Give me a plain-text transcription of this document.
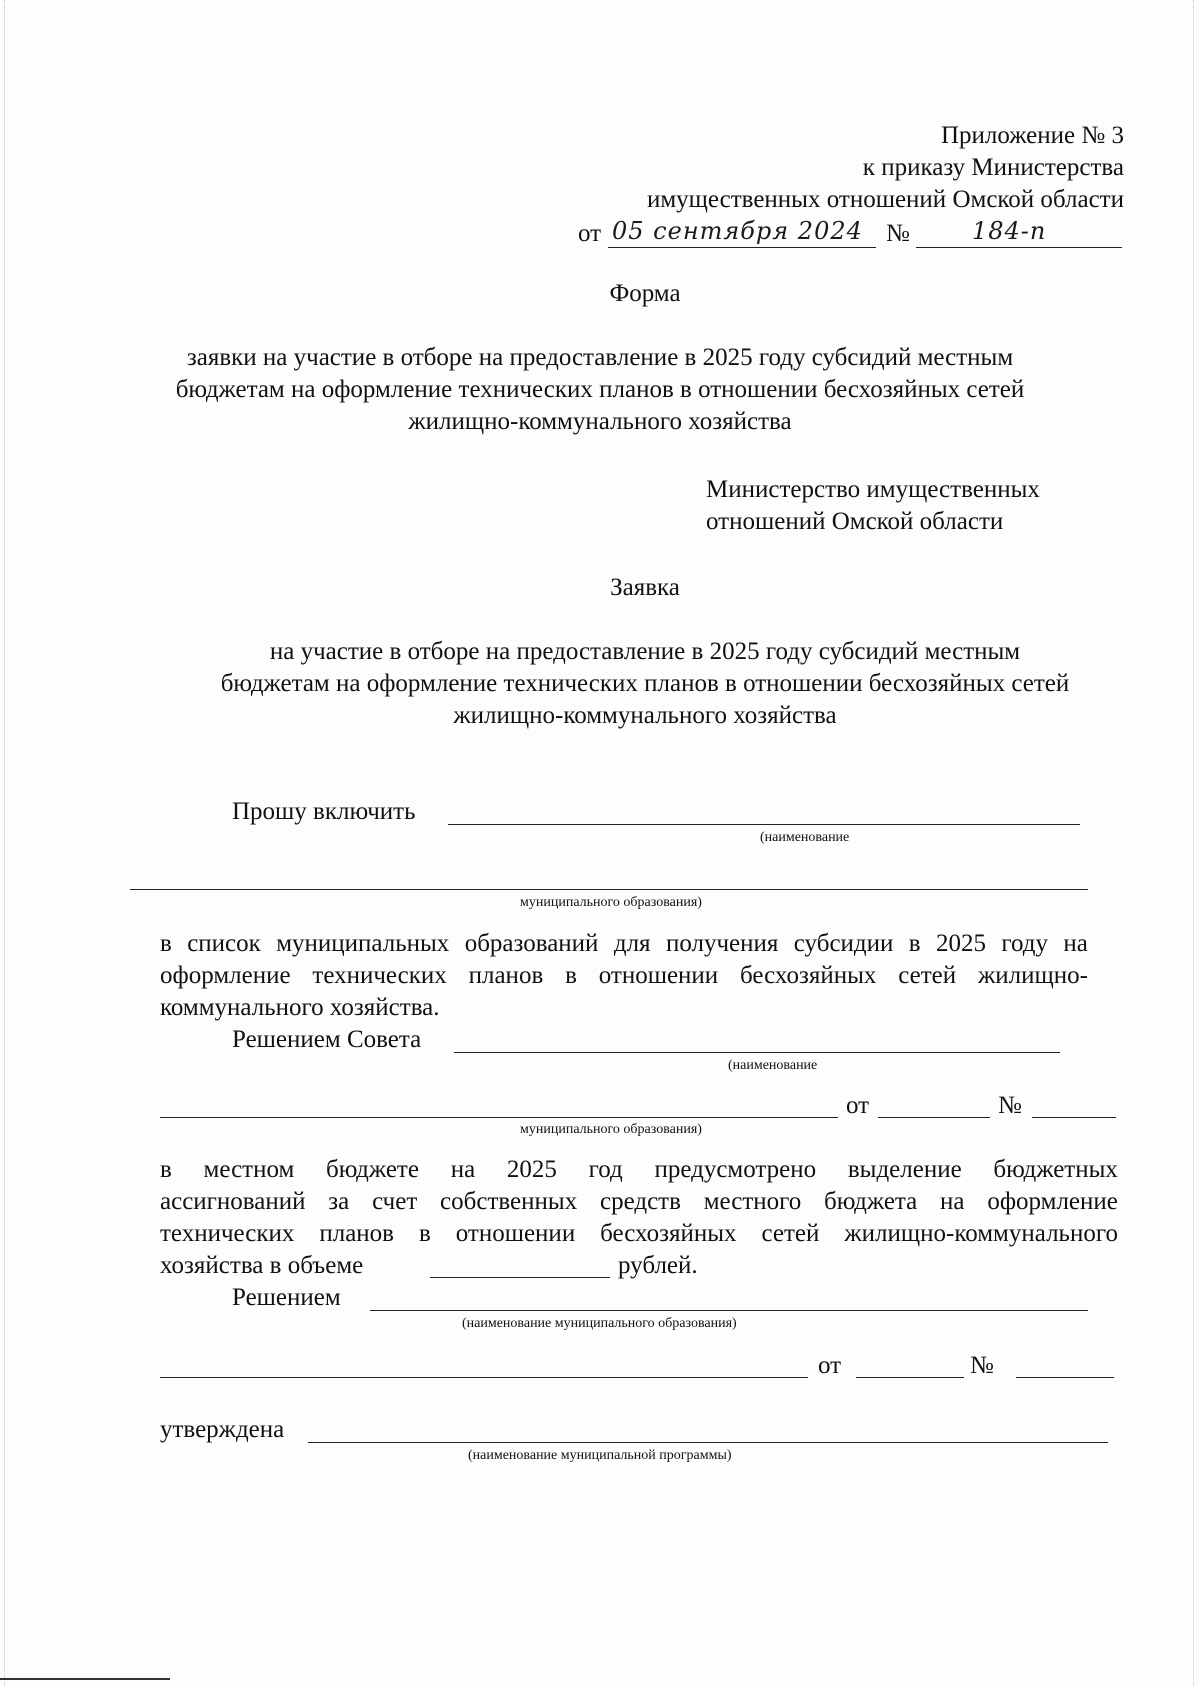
Приложение № 3
к приказу Министерства
имущественных отношений Омской области
от 05 сентября 2024 №	184-п
Форма
заявки на участие в отборе на предоставление в 2025 году субсидий местным
бюджетам на оформление технических планов в отношении бесхозяйных сетей
жилищно-коммунального хозяйства
Министерство имущественных
отношений Омской области
Заявка
на участие в отборе на предоставление в 2025 году субсидий местным
бюджетам на оформление технических планов в отношении бесхозяйных сетей
жилищно-коммунального хозяйства
Прошу включить
(наименование
муниципального образования)
в список муниципальных образований для получения субсидии в 2025 году на
оформление технических планов в отношении бесхозяйных сетей жилищно-
коммунального хозяйства.
Решением Совета
(наименование
от	№
муниципального образования)
в местном бюджете на 2025 год предусмотрено выделение бюджетных
ассигнований за счет собственных средств местного бюджета на оформление
технических планов в отношении бесхозяйных сетей жилищно-коммунального
хозяйства в объеме	рублей.
Решением
(наименование муниципального образования)
от	№
утверждена
(наименование муниципальной программы)
